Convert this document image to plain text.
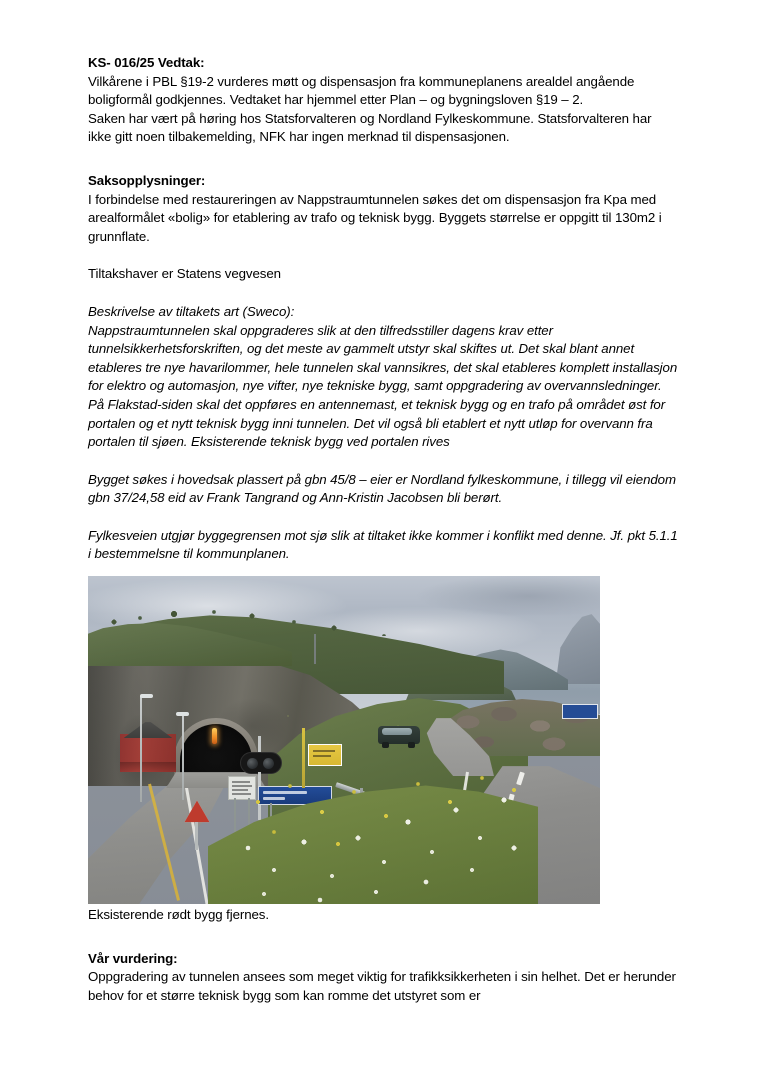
KS- 016/25 Vedtak:

Vilkårene i PBL §19-2 vurderes møtt og dispensasjon fra kommuneplanens arealdel angående boligformål godkjennes. Vedtaket har hjemmel etter Plan – og bygningsloven §19 – 2.

Saken har vært på høring hos Statsforvalteren og Nordland Fylkeskommune. Statsforvalteren har ikke gitt noen tilbakemelding, NFK har ingen merknad til dispensasjonen.

Saksopplysninger:

I forbindelse med restaureringen av Nappstraumtunnelen søkes det om dispensasjon fra Kpa med arealformålet «bolig» for etablering av trafo og teknisk bygg. Byggets størrelse er oppgitt til 130m2 i grunnflate.

Tiltakshaver er Statens vegvesen

Beskrivelse av tiltakets art (Sweco):

Nappstraumtunnelen skal oppgraderes slik at den tilfredsstiller dagens krav etter tunnelsikkerhetsforskriften, og det meste av gammelt utstyr skal skiftes ut. Det skal blant annet etableres tre nye havarilommer, hele tunnelen skal vannsikres, det skal etableres komplett installasjon for elektro og automasjon, nye vifter, nye tekniske bygg, samt oppgradering av overvannsledninger.

På Flakstad-siden skal det oppføres en antennemast, et teknisk bygg og en trafo på området øst for portalen og et nytt teknisk bygg inni tunnelen. Det vil også bli etablert et nytt utløp for overvann fra portalen til sjøen. Eksisterende teknisk bygg ved portalen rives

Bygget søkes i hovedsak plassert på gbn 45/8 – eier er Nordland fylkeskommune, i tillegg vil eiendom gbn 37/24,58 eid av Frank Tangrand og Ann-Kristin Jacobsen bli berørt.

Fylkesveien utgjør byggegrensen mot sjø slik at tiltaket ikke kommer i konflikt med denne. Jf. pkt 5.1.1 i bestemmelsne til kommunplanen.

Eksisterende rødt bygg fjernes.

Vår vurdering:

Oppgradering av tunnelen ansees som meget viktig for trafikksikkerheten i sin helhet. Det er herunder behov for et større teknisk bygg som kan romme det utstyret som er
